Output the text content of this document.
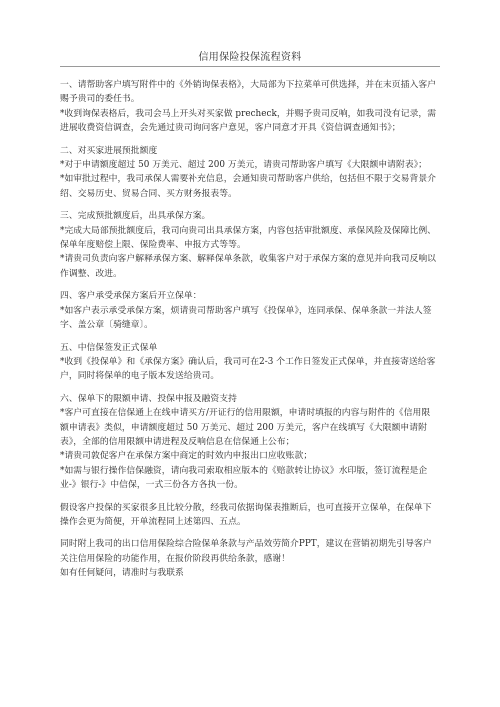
信用保险投保流程资料

一、请帮助客户填写附件中的《外销询保表格》，大局部为下拉菜单可供选择，并在末页插入客户赐予贵司的委任书。

*收到询保表格后，我司会马上开头对买家做 precheck，并赐予贵司反响，如我司没有记录，需进展收费资信调查，会先通过贵司询问客户意见，客户同意才开具《资信调查通知书》；

二、对买家进展预批额度

*对于申请额度超过 50 万美元、超过 200 万美元，请贵司帮助客户填写《大限额申请附表》；

*如审批过程中，我司承保人需要补充信息，会通知贵司帮助客户供给，包括但不限于交易背景介绍、交易历史、贸易合同、买方财务报表等。

三、完成预批额度后，出具承保方案。

*完成大局部预批额度后，我司向贵司出具承保方案，内容包括审批额度、承保风险及保障比例、保单年度赔偿上限、保险费率、申报方式等等。

*请贵司负责向客户解释承保方案、解释保单条款，收集客户对于承保方案的意见并向我司反响以作调整、改进。

四、客户承受承保方案后开立保单：

*如客户表示承受承保方案，烦请贵司帮助客户填写《投保单》，连同承保、保单条款一并法人签字、盖公章〔骑缝章〕。

五、中信保签发正式保单

*收到《投保单》和《承保方案》确认后，我司可在2-3 个工作日签发正式保单，并直接寄送给客户，同时将保单的电子版本发送给贵司。

六、保单下的限额申请、投保申报及融资支持

*客户可直接在信保通上在线申请买方/开证行的信用限额，申请时填报的内容与附件的《信用限额申请表》类似，申请额度超过 50 万美元、超过 200 万美元，客户在线填写《大限额申请附表》，全部的信用限额申请进程及反响信息在信保通上公布；

*请贵司敦促客户在承保方案中商定的时效内申报出口应收账款；

*如需与银行操作信保融资，请向我司索取相应版本的《赔款转让协议》水印版，签订流程是企业-》银行-》中信保，一式三份各方各执一份。

假设客户投保的买家很多且比较分散，经我司依据询保表推断后，也可直接开立保单，在保单下操作会更为简便，开单流程同上述第四、五点。

同时附上我司的出口信用保险综合险保单条款与产品效劳简介PPT，建议在营销初期先引导客户关注信用保险的功能作用，在报价阶段再供给条款，感谢！

如有任何疑问，请准时与我联系
